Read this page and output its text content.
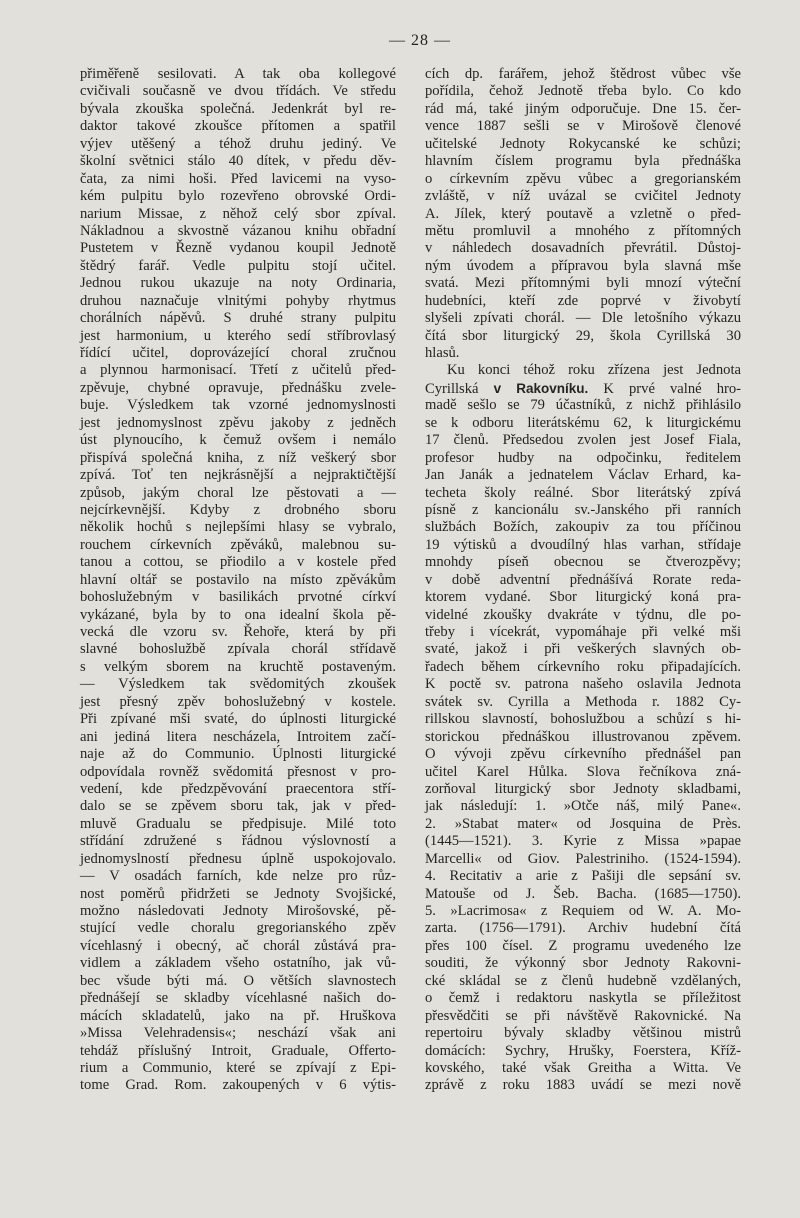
— 28 —
přiměřeně sesilovati. A tak oba kollegové
cvičivali současně ve dvou třídách. Ve středu
bývala zkouška společná. Jedenkrát byl re-
daktor takové zkoušce přítomen a spatřil
výjev utěšený a téhož druhu jediný. Ve
školní světnici stálo 40 dítek, v předu děv-
čata, za nimi hoši. Před lavicemi na vyso-
kém pulpitu bylo rozevřeno obrovské Ordi-
narium Missae, z něhož celý sbor zpíval.
Nákladnou a skvostně vázanou knihu obřadní
Pustetem v Řezně vydanou koupil Jednotě
štědrý farář. Vedle pulpitu stojí učitel.
Jednou rukou ukazuje na noty Ordinaria,
druhou naznačuje vlnitými pohyby rhytmus
chorálních nápěvů. S druhé strany pulpitu
jest harmonium, u kterého sedí stříbrovlasý
řídící učitel, doprovázející choral zručnou
a plynnou harmonisací. Třetí z učitelů před-
zpěvuje, chybné opravuje, přednášku zvele-
buje. Výsledkem tak vzorné jednomyslnosti
jest jednomyslnost zpěvu jakoby z jedněch
úst plynoucího, k čemuž ovšem i nemálo
přispívá společná kniha, z níž veškerý sbor
zpívá. Toť ten nejkrásnější a nejpraktičtější
způsob, jakým choral lze pěstovati a —
nejcírkevnější. Kdyby z drobného sboru
několik hochů s nejlepšími hlasy se vybralo,
rouchem církevních zpěváků, malebnou su-
tanou a cottou, se přiodilo a v kostele před
hlavní oltář se postavilo na místo zpěvákům
bohoslužebným v basilikách prvotné církví
vykázané, byla by to ona idealní škola pě-
vecká dle vzoru sv. Řehoře, která by při
slavné bohoslužbě zpívala chorál střídavě
s velkým sborem na kruchtě postaveným.
— Výsledkem tak svědomitých zkoušek
jest přesný zpěv bohoslužebný v kostele.
Při zpívané mši svaté, do úplnosti liturgické
ani jediná litera nescházela, Introitem začí-
naje až do Communio. Úplnosti liturgické
odpovídala rovněž svědomitá přesnost v pro-
vedení, kde předzpěvování praecentora stří-
dalo se se zpěvem sboru tak, jak v před-
mluvě Gradualu se předpisuje. Milé toto
střídání združené s řádnou výslovností a
jednomyslností přednesu úplně uspokojovalo.
— V osadách farních, kde nelze pro růz-
nost poměrů přidržeti se Jednoty Svojšické,
možno následovati Jednoty Mirošovské, pě-
stující vedle choralu gregorianského zpěv
vícehlasný i obecný, ač chorál zůstává pra-
vidlem a základem všeho ostatního, jak vů-
bec všude býti má. O větších slavnostech
přednášejí se skladby vícehlasné našich do-
mácích skladatelů, jako na př. Hruškova
»Missa Velehradensis«; neschází však ani
tehdáž příslušný Introit, Graduale, Offerto-
rium a Communio, které se zpívají z Epi-
tome Grad. Rom. zakoupených v 6 výtis-
cích dp. farářem, jehož štědrost vůbec vše
pořídila, čehož Jednotě třeba bylo. Co kdo
rád má, také jiným odporučuje. Dne 15. čer-
vence 1887 sešli se v Mirošově členové
učitelské Jednoty Rokycanské ke schůzi;
hlavním číslem programu byla přednáška
o církevním zpěvu vůbec a gregorianském
zvláště, v níž uvázal se cvičitel Jednoty
A. Jílek, který poutavě a vzletně o před-
mětu promluvil a mnohého z přítomných
v náhledech dosavadních převrátil. Důstoj-
ným úvodem a přípravou byla slavná mše
svatá. Mezi přítomnými byli mnozí výteční
hudebníci, kteří zde poprvé v živobytí
slyšeli zpívati chorál. — Dle letošního výkazu
čítá sbor liturgický 29, škola Cyrillská 30
hlasů.
Ku konci téhož roku zřízena jest Jednota
Cyrillská v Rakovníku. K prvé valné hro-
madě sešlo se 79 účastníků, z nichž přihlásilo
se k odboru literátskému 62, k liturgickému
17 členů. Předsedou zvolen jest Josef Fiala,
profesor hudby na odpočinku, ředitelem
Jan Janák a jednatelem Václav Erhard, ka-
techeta školy reálné. Sbor literátský zpívá
písně z kancionálu sv.-Janského při ranních
službách Božích, zakoupiv za tou příčinou
19 výtisků a dvoudílný hlas varhan, střídaje
mnohdy píseň obecnou se čtverozpěvy;
v době adventní přednášívá Rorate reda-
ktorem vydané. Sbor liturgický koná pra-
videlné zkoušky dvakráte v týdnu, dle po-
třeby i vícekrát, vypomáhaje při velké mši
svaté, jakož i při veškerých slavných ob-
řadech během církevního roku připadajících.
K poctě sv. patrona našeho oslavila Jednota
svátek sv. Cyrilla a Methoda r. 1882 Cy-
rillskou slavností, bohoslužbou a schůzí s hi-
storickou přednáškou illustrovanou zpěvem.
O vývoji zpěvu církevního přednášel pan
učitel Karel Hůlka. Slova řečníkova zná-
zorňoval liturgický sbor Jednoty skladbami,
jak následují: 1. »Otče náš, milý Pane«.
2. »Stabat mater« od Josquina de Près.
(1445—1521). 3. Kyrie z Missa »papae
Marcelli« od Giov. Palestriniho. (1524-1594).
4. Recitativ a arie z Pašiji dle sepsání sv.
Matouše od J. Šeb. Bacha. (1685—1750).
5. »Lacrimosa« z Requiem od W. A. Mo-
zarta. (1756—1791). Archiv hudební čítá
přes 100 čísel. Z programu uvedeného lze
souditi, že výkonný sbor Jednoty Rakovni-
cké skládal se z členů hudebně vzdělaných,
o čemž i redaktoru naskytla se příležitost
přesvědčiti se při návštěvě Rakovnické. Na
repertoiru bývaly skladby většinou mistrů
domácích: Sychry, Hrušky, Foerstera, Kříž-
kovského, také však Greitha a Witta. Ve
zprávě z roku 1883 uvádí se mezi nově
